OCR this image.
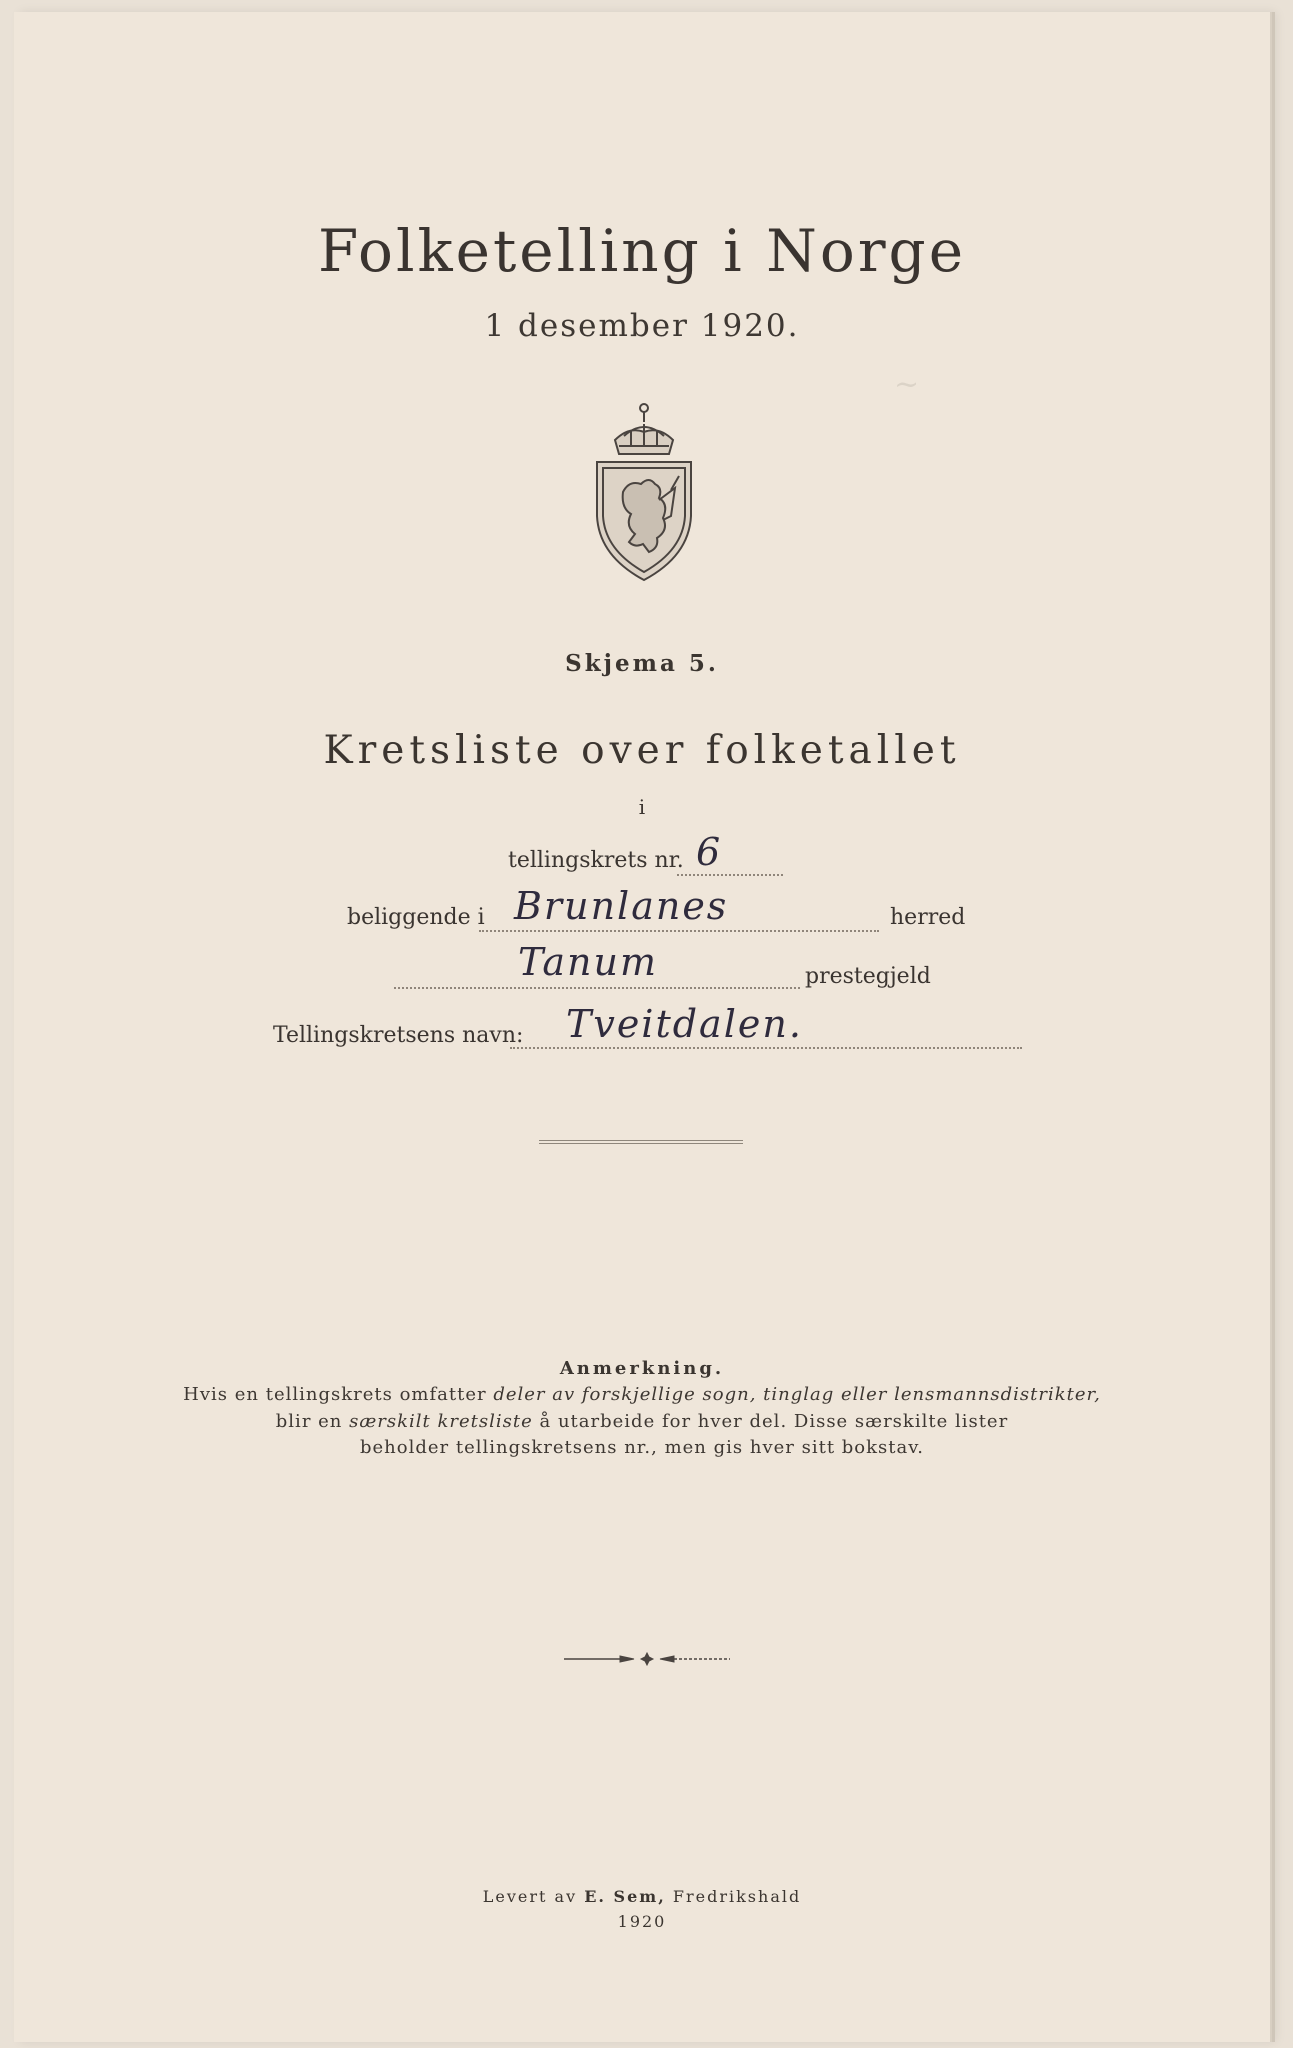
~
Folketelling i Norge
1 desember 1920.
Skjema 5.
Kretsliste over folketallet
i
tellingskrets nr. 6
beliggende i Brunlanes	herred
Tanum	prestegjeld
Tellingskretsens navn: Tveitdalen.
Anmerkning.
Hvis en tellingskrets omfatter deler av forskjellige sogn, tinglag eller lensmannsdistrikter,
blir en særskilt kretsliste å utarbeide for hver del. Disse særskilte lister
beholder tellingskretsens nr., men gis hver sitt bokstav.
Levert av E. Sem, Fredrikshald
1920
